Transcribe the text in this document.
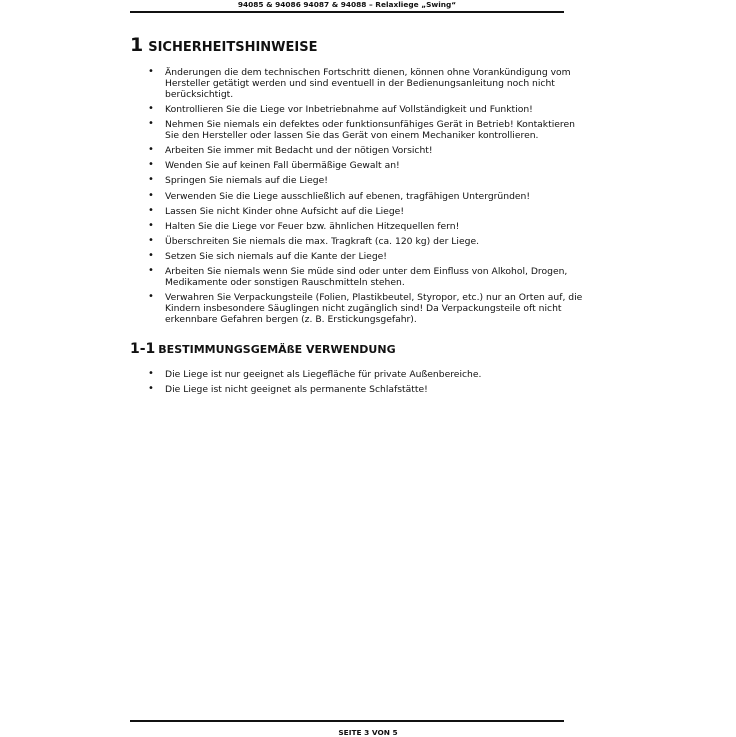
94085 & 94086 94087 & 94088 – Relaxliege „Swing“
1 SICHERHEITSHINWEISE
• Änderungen die dem technischen Fortschritt dienen, können ohne Vorankündigung vom Hersteller getätigt werden und sind eventuell in der Bedienungsanleitung noch nicht berücksichtigt.
• Kontrollieren Sie die Liege vor Inbetriebnahme auf Vollständigkeit und Funktion!
• Nehmen Sie niemals ein defektes oder funktionsunfähiges Gerät in Betrieb! Kontaktieren Sie den Hersteller oder lassen Sie das Gerät von einem Mechaniker kontrollieren.
• Arbeiten Sie immer mit Bedacht und der nötigen Vorsicht!
• Wenden Sie auf keinen Fall übermäßige Gewalt an!
• Springen Sie niemals auf die Liege!
• Verwenden Sie die Liege ausschließlich auf ebenen, tragfähigen Untergründen!
• Lassen Sie nicht Kinder ohne Aufsicht auf die Liege!
• Halten Sie die Liege vor Feuer bzw. ähnlichen Hitzequellen fern!
• Überschreiten Sie niemals die max. Tragkraft (ca. 120 kg) der Liege.
• Setzen Sie sich niemals auf die Kante der Liege!
• Arbeiten Sie niemals wenn Sie müde sind oder unter dem Einfluss von Alkohol, Drogen, Medikamente oder sonstigen Rauschmitteln stehen.
• Verwahren Sie Verpackungsteile (Folien, Plastikbeutel, Styropor, etc.) nur an Orten auf, die Kindern insbesondere Säuglingen nicht zugänglich sind! Da Verpackungsteile oft nicht erkennbare Gefahren bergen (z. B. Erstickungsgefahr).
1-1 BESTIMMUNGSGEMÄßE VERWENDUNG
• Die Liege ist nur geeignet als Liegefläche für private Außenbereiche.
• Die Liege ist nicht geeignet als permanente Schlafstätte!
SEITE 3 VON 5
